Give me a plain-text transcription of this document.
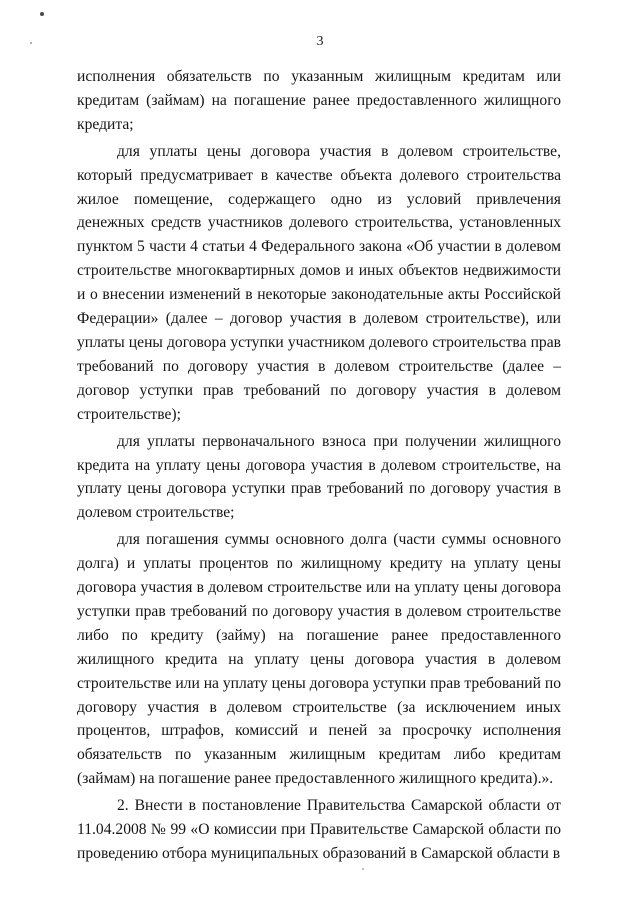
3

исполнения обязательств по указанным жилищным кредитам или кредитам (займам) на погашение ранее предоставленного жилищного кредита;

для уплаты цены договора участия в долевом строительстве, который предусматривает в качестве объекта долевого строительства жилое помещение, содержащего одно из условий привлечения денежных средств участников долевого строительства, установленных пунктом 5 части 4 статьи 4 Федерального закона «Об участии в долевом строительстве многоквартирных домов и иных объектов недвижимости и о внесении изменений в некоторые законодательные акты Российской Федерации» (далее – договор участия в долевом строительстве), или уплаты цены договора уступки участником долевого строительства прав требований по договору участия в долевом строительстве (далее – договор уступки прав требований по договору участия в долевом строительстве);

для уплаты первоначального взноса при получении жилищного кредита на уплату цены договора участия в долевом строительстве, на уплату цены договора уступки прав требований по договору участия в долевом строительстве;

для погашения суммы основного долга (части суммы основного долга) и уплаты процентов по жилищному кредиту на уплату цены договора участия в долевом строительстве или на уплату цены договора уступки прав требований по договору участия в долевом строительстве либо по кредиту (займу) на погашение ранее предоставленного жилищного кредита на уплату цены договора участия в долевом строительстве или на уплату цены договора уступки прав требований по договору участия в долевом строительстве (за исключением иных процентов, штрафов, комиссий и пеней за просрочку исполнения обязательств по указанным жилищным кредитам либо кредитам (займам) на погашение ранее предоставленного жилищного кредита).».

2. Внести в постановление Правительства Самарской области от 11.04.2008 № 99 «О комиссии при Правительстве Самарской области по проведению отбора муниципальных образований в Самарской области в
